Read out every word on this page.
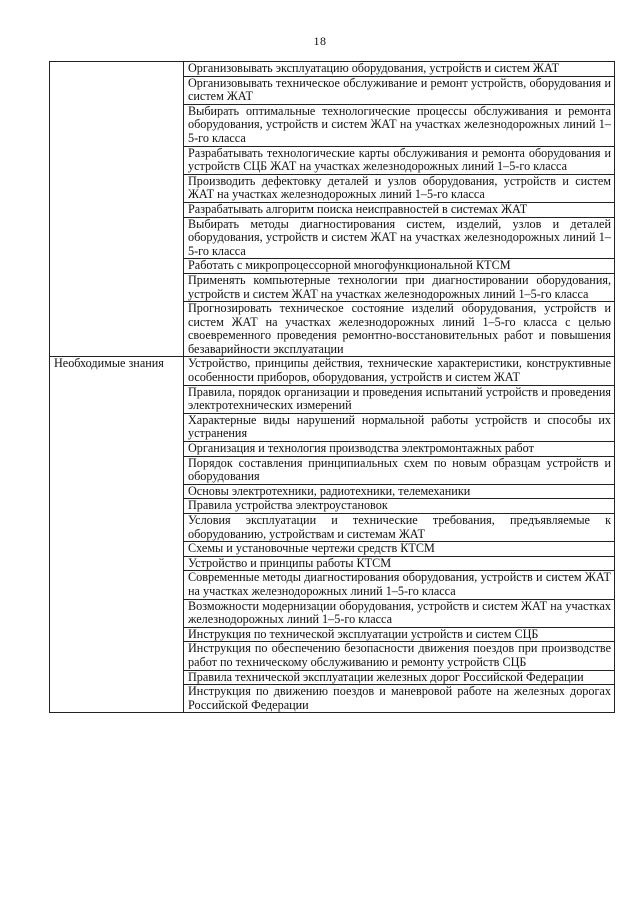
18
	Организовывать эксплуатацию оборудования, устройств и систем ЖАТ
	Организовывать техническое обслуживание и ремонт устройств, оборудования и систем ЖАТ
	Выбирать оптимальные технологические процессы обслуживания и ремонта оборудования, устройств и систем ЖАТ на участках железнодорожных линий 1–5-го класса
	Разрабатывать технологические карты обслуживания и ремонта оборудования и устройств СЦБ ЖАТ на участках железнодорожных линий 1–5-го класса
	Производить дефектовку деталей и узлов оборудования, устройств и систем ЖАТ на участках железнодорожных линий 1–5-го класса
	Разрабатывать алгоритм поиска неисправностей в системах ЖАТ
	Выбирать методы диагностирования систем, изделий, узлов и деталей оборудования, устройств и систем ЖАТ на участках железнодорожных линий 1–5-го класса
	Работать с микропроцессорной многофункциональной КТСМ
	Применять компьютерные технологии при диагностировании оборудования, устройств и систем ЖАТ на участках железнодорожных линий 1–5-го класса
	Прогнозировать техническое состояние изделий оборудования, устройств и систем ЖАТ на участках железнодорожных линий 1–5-го класса с целью своевременного проведения ремонтно-восстановительных работ и повышения безаварийности эксплуатации
Необходимые знания	Устройство, принципы действия, технические характеристики, конструктивные особенности приборов, оборудования, устройств и систем ЖАТ
	Правила, порядок организации и проведения испытаний устройств и проведения электротехнических измерений
	Характерные виды нарушений нормальной работы устройств и способы их устранения
	Организация и технология производства электромонтажных работ
	Порядок составления принципиальных схем по новым образцам устройств и оборудования
	Основы электротехники, радиотехники, телемеханики
	Правила устройства электроустановок
	Условия эксплуатации и технические требования, предъявляемые к оборудованию, устройствам и системам ЖАТ
	Схемы и установочные чертежи средств КТСМ
	Устройство и принципы работы КТСМ
	Современные методы диагностирования оборудования, устройств и систем ЖАТ на участках железнодорожных линий 1–5-го класса
	Возможности модернизации оборудования, устройств и систем ЖАТ на участках железнодорожных линий 1–5-го класса
	Инструкция по технической эксплуатации устройств и систем СЦБ
	Инструкция по обеспечению безопасности движения поездов при производстве работ по техническому обслуживанию и ремонту устройств СЦБ
	Правила технической эксплуатации железных дорог Российской Федерации
	Инструкция по движению поездов и маневровой работе на железных дорогах Российской Федерации
